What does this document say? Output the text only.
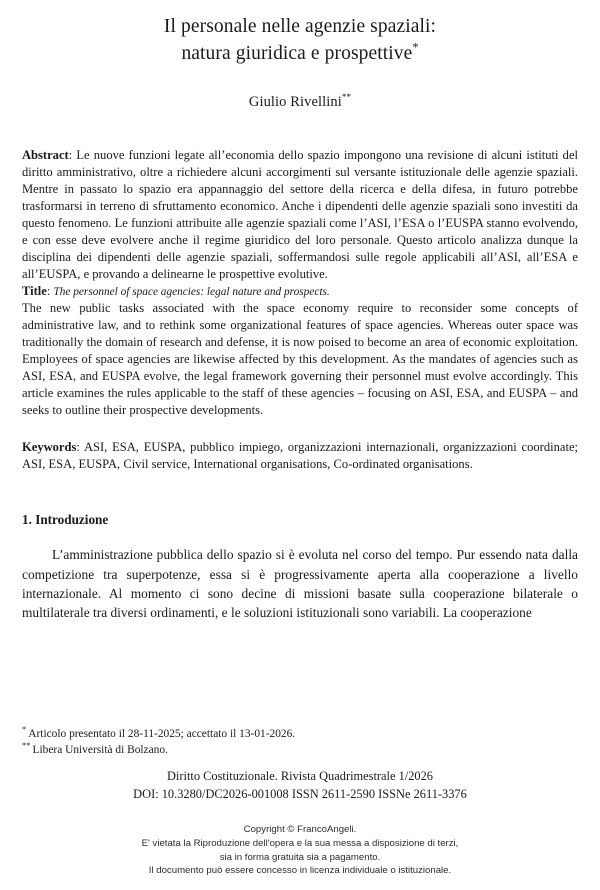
Il personale nelle agenzie spaziali:
natura giuridica e prospettive*
Giulio Rivellini**

Abstract: Le nuove funzioni legate all’economia dello spazio impongono una revisione di alcuni istituti del diritto amministrativo, oltre a richiedere alcuni accorgimenti sul versante istituzionale delle agenzie spaziali. Mentre in passato lo spazio era appannaggio del settore della ricerca e della difesa, in futuro potrebbe trasformarsi in terreno di sfruttamento economico. Anche i dipendenti delle agenzie spaziali sono investiti da questo fenomeno. Le funzioni attribuite alle agenzie spaziali come l’ASI, l’ESA o l’EUSPA stanno evolvendo, e con esse deve evolvere anche il regime giuridico del loro personale. Questo articolo analizza dunque la disciplina dei dipendenti delle agenzie spaziali, soffermandosi sulle regole applicabili all’ASI, all’ESA e all’EUSPA, e provando a delinearne le prospettive evolutive.

Title: The personnel of space agencies: legal nature and prospects.

The new public tasks associated with the space economy require to reconsider some concepts of administrative law, and to rethink some organizational features of space agencies. Whereas outer space was traditionally the domain of research and defense, it is now poised to become an area of economic exploitation. Employees of space agencies are likewise affected by this development. As the mandates of agencies such as ASI, ESA, and EUSPA evolve, the legal framework governing their personnel must evolve accordingly. This article examines the rules applicable to the staff of these agencies – focusing on ASI, ESA, and EUSPA – and seeks to outline their prospective developments.

Keywords: ASI, ESA, EUSPA, pubblico impiego, organizzazioni internazionali, organizzazioni coordinate; ASI, ESA, EUSPA, Civil service, International organisations, Co-ordinated organisations.

1. Introduzione

L’amministrazione pubblica dello spazio si è evoluta nel corso del tempo. Pur essendo nata dalla competizione tra superpotenze, essa si è progressivamente aperta alla cooperazione a livello internazionale. Al momento ci sono decine di missioni basate sulla cooperazione bilaterale o multilaterale tra diversi ordinamenti, e le soluzioni istituzionali sono variabili. La cooperazione

* Articolo presentato il 28-11-2025; accettato il 13-01-2026.

** Libera Università di Bolzano.

Diritto Costituzionale. Rivista Quadrimestrale 1/2026
DOI: 10.3280/DC2026-001008 ISSN 2611-2590 ISSNe 2611-3376
Copyright © FrancoAngeli.
E' vietata la Riproduzione dell'opera e la sua messa a disposizione di terzi,
sia in forma gratuita sia a pagamento.
Il documento può essere concesso in licenza individuale o istituzionale.
